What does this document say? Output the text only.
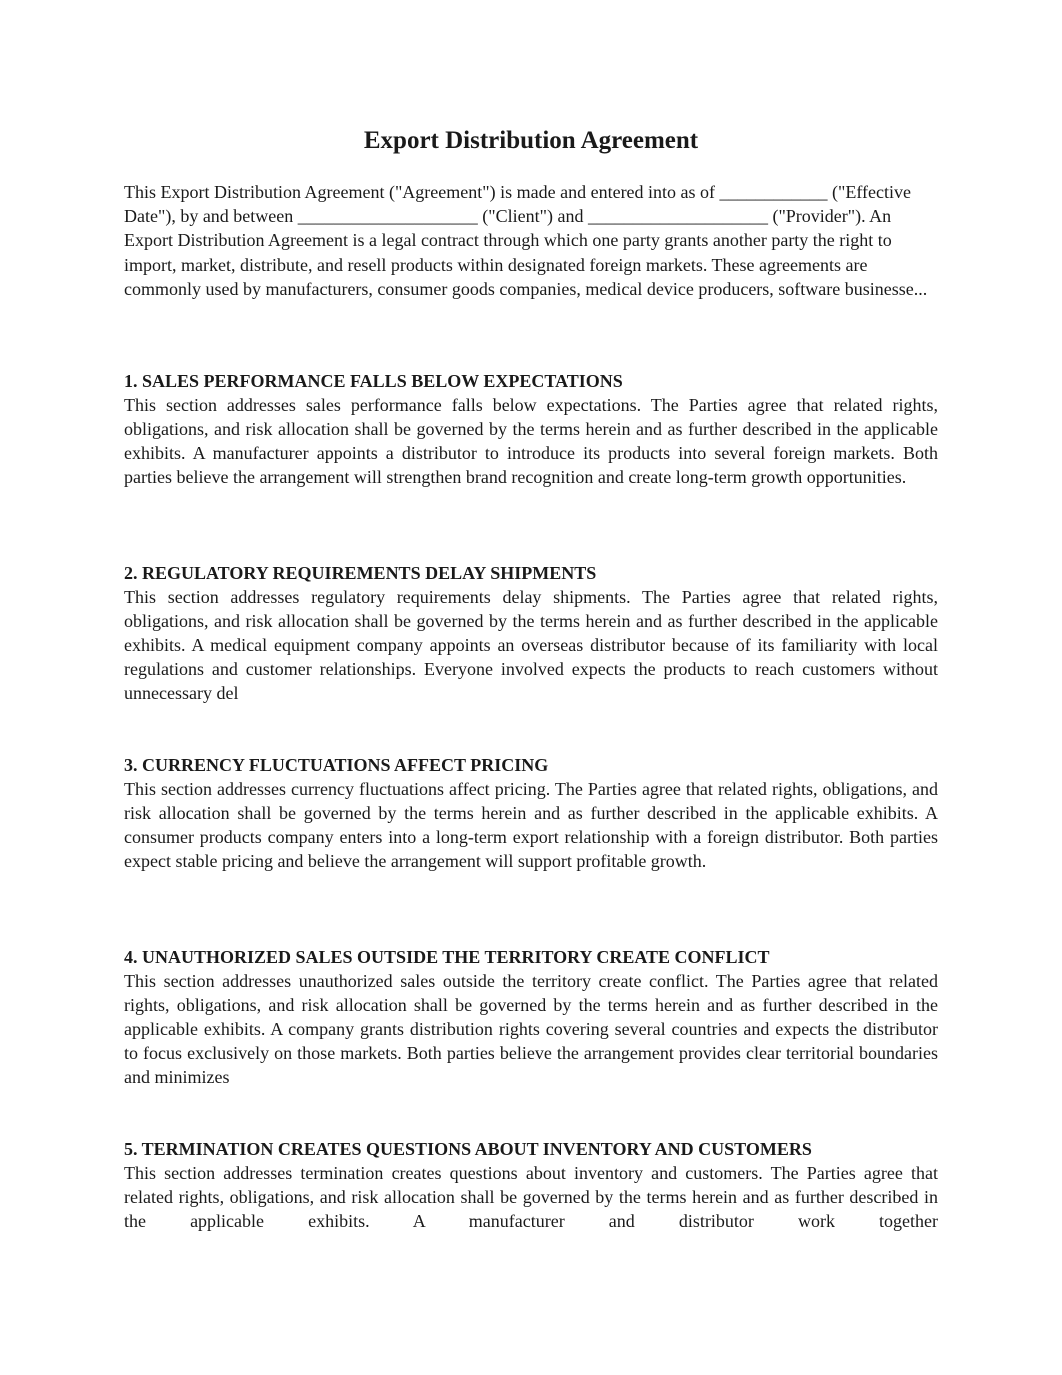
Export Distribution Agreement

This Export Distribution Agreement ("Agreement") is made and entered into as of ____________ ("Effective Date"), by and between ____________________ ("Client") and ____________________ ("Provider"). An Export Distribution Agreement is a legal contract through which one party grants another party the right to import, market, distribute, and resell products within designated foreign markets. These agreements are commonly used by manufacturers, consumer goods companies, medical device producers, software businesse...

1. SALES PERFORMANCE FALLS BELOW EXPECTATIONS

This section addresses sales performance falls below expectations. The Parties agree that related rights, obligations, and risk allocation shall be governed by the terms herein and as further described in the applicable exhibits. A manufacturer appoints a distributor to introduce its products into several foreign markets. Both parties believe the arrangement will strengthen brand recognition and create long-term growth opportunities.

2. REGULATORY REQUIREMENTS DELAY SHIPMENTS

This section addresses regulatory requirements delay shipments. The Parties agree that related rights, obligations, and risk allocation shall be governed by the terms herein and as further described in the applicable exhibits. A medical equipment company appoints an overseas distributor because of its familiarity with local regulations and customer relationships. Everyone involved expects the products to reach customers without unnecessary del

3. CURRENCY FLUCTUATIONS AFFECT PRICING

This section addresses currency fluctuations affect pricing. The Parties agree that related rights, obligations, and risk allocation shall be governed by the terms herein and as further described in the applicable exhibits. A consumer products company enters into a long-term export relationship with a foreign distributor. Both parties expect stable pricing and believe the arrangement will support profitable growth.

4. UNAUTHORIZED SALES OUTSIDE THE TERRITORY CREATE CONFLICT

This section addresses unauthorized sales outside the territory create conflict. The Parties agree that related rights, obligations, and risk allocation shall be governed by the terms herein and as further described in the applicable exhibits. A company grants distribution rights covering several countries and expects the distributor to focus exclusively on those markets. Both parties believe the arrangement provides clear territorial boundaries and minimizes

5. TERMINATION CREATES QUESTIONS ABOUT INVENTORY AND CUSTOMERS

This section addresses termination creates questions about inventory and customers. The Parties agree that related rights, obligations, and risk allocation shall be governed by the terms herein and as further described in the applicable exhibits. A manufacturer and distributor work together
